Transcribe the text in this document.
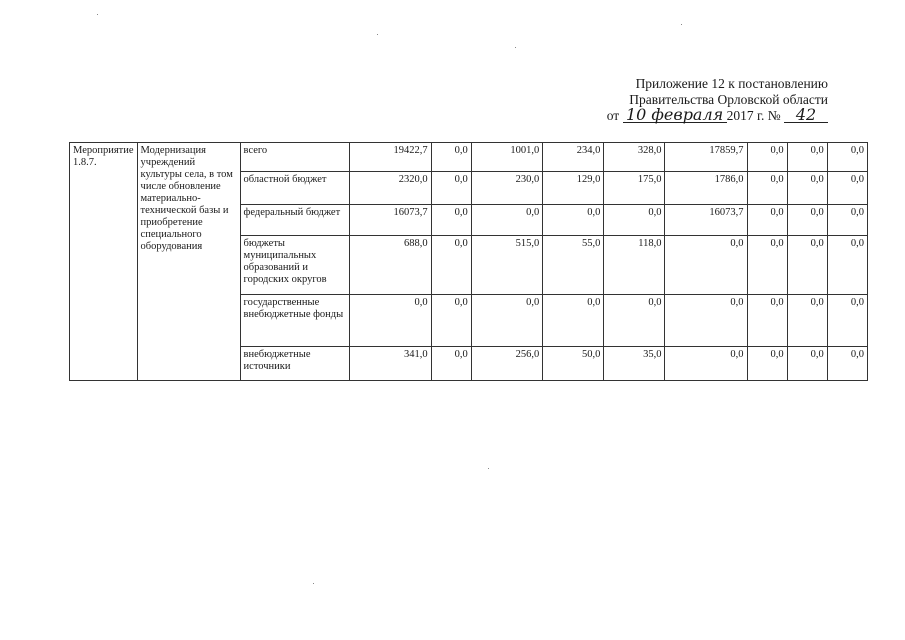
Приложение 12 к постановлению
Правительства Орловской области
от 10 февраля 2017 г. № 42
Мероприятие 1.8.7.	Модернизация учреждений культуры села, в том числе обновление материально-технической базы и приобретение специального оборудования	всего	19422,7	0,0	1001,0	234,0	328,0	17859,7	0,0	0,0	0,0
		областной бюджет	2320,0	0,0	230,0	129,0	175,0	1786,0	0,0	0,0	0,0
		федеральный бюджет	16073,7	0,0	0,0	0,0	0,0	16073,7	0,0	0,0	0,0
		бюджеты муниципальных образований и городских округов	688,0	0,0	515,0	55,0	118,0	0,0	0,0	0,0	0,0
		государственные внебюджетные фонды	0,0	0,0	0,0	0,0	0,0	0,0	0,0	0,0	0,0
		внебюджетные источники	341,0	0,0	256,0	50,0	35,0	0,0	0,0	0,0	0,0
